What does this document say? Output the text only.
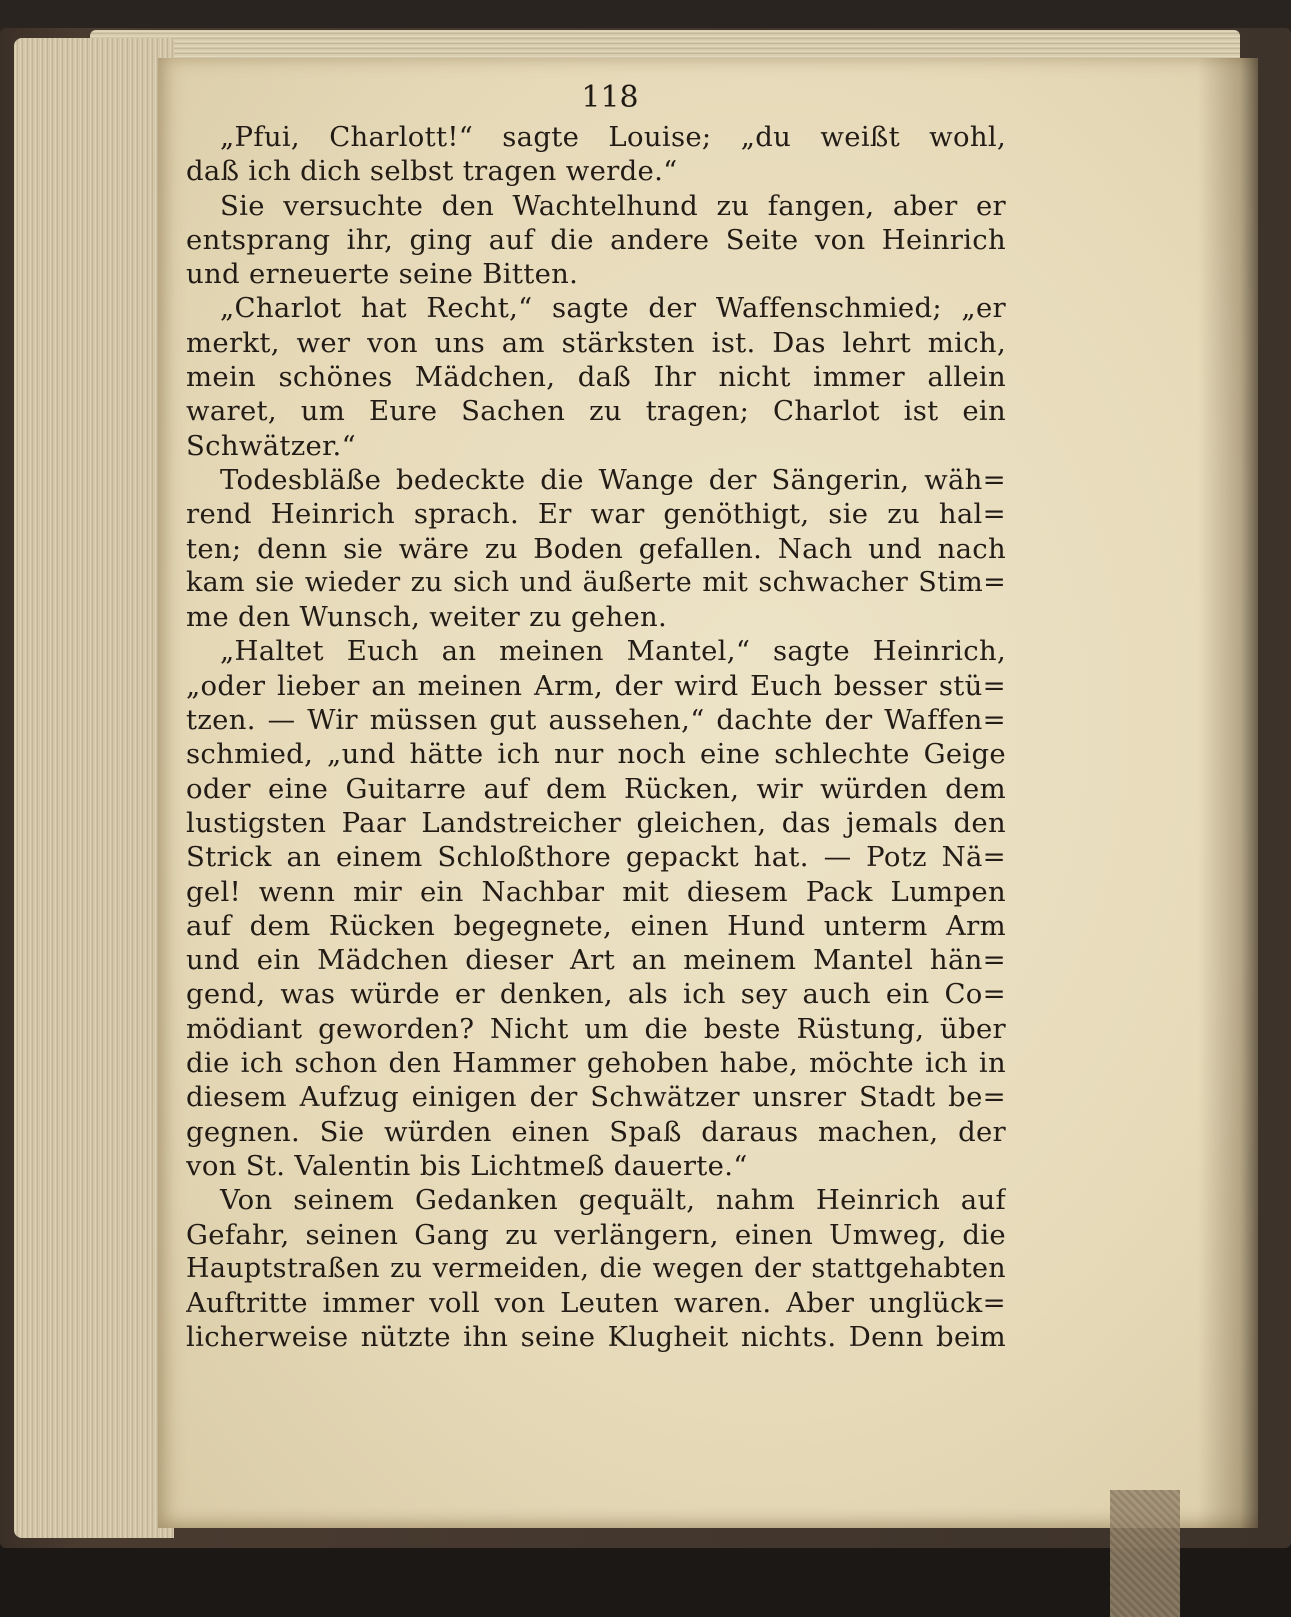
118
„Pfui, Charlott!“ sagte Louise; „du weißt wohl,
daß ich dich selbst tragen werde.“
Sie versuchte den Wachtelhund zu fangen, aber er
entsprang ihr, ging auf die andere Seite von Heinrich
und erneuerte seine Bitten.
„Charlot hat Recht,“ sagte der Waffenschmied; „er
merkt, wer von uns am stärksten ist. Das lehrt mich,
mein schönes Mädchen, daß Ihr nicht immer allein
waret, um Eure Sachen zu tragen; Charlot ist ein
Schwätzer.“
Todesbläße bedeckte die Wange der Sängerin, wäh=
rend Heinrich sprach. Er war genöthigt, sie zu hal=
ten; denn sie wäre zu Boden gefallen. Nach und nach
kam sie wieder zu sich und äußerte mit schwacher Stim=
me den Wunsch, weiter zu gehen.
„Haltet Euch an meinen Mantel,“ sagte Heinrich,
„oder lieber an meinen Arm, der wird Euch besser stü=
tzen. — Wir müssen gut aussehen,“ dachte der Waffen=
schmied, „und hätte ich nur noch eine schlechte Geige
oder eine Guitarre auf dem Rücken, wir würden dem
lustigsten Paar Landstreicher gleichen, das jemals den
Strick an einem Schloßthore gepackt hat. — Potz Nä=
gel! wenn mir ein Nachbar mit diesem Pack Lumpen
auf dem Rücken begegnete, einen Hund unterm Arm
und ein Mädchen dieser Art an meinem Mantel hän=
gend, was würde er denken, als ich sey auch ein Co=
mödiant geworden? Nicht um die beste Rüstung, über
die ich schon den Hammer gehoben habe, möchte ich in
diesem Aufzug einigen der Schwätzer unsrer Stadt be=
gegnen. Sie würden einen Spaß daraus machen, der
von St. Valentin bis Lichtmeß dauerte.“
Von seinem Gedanken gequält, nahm Heinrich auf
Gefahr, seinen Gang zu verlängern, einen Umweg, die
Hauptstraßen zu vermeiden, die wegen der stattgehabten
Auftritte immer voll von Leuten waren. Aber unglück=
licherweise nützte ihn seine Klugheit nichts. Denn beim
